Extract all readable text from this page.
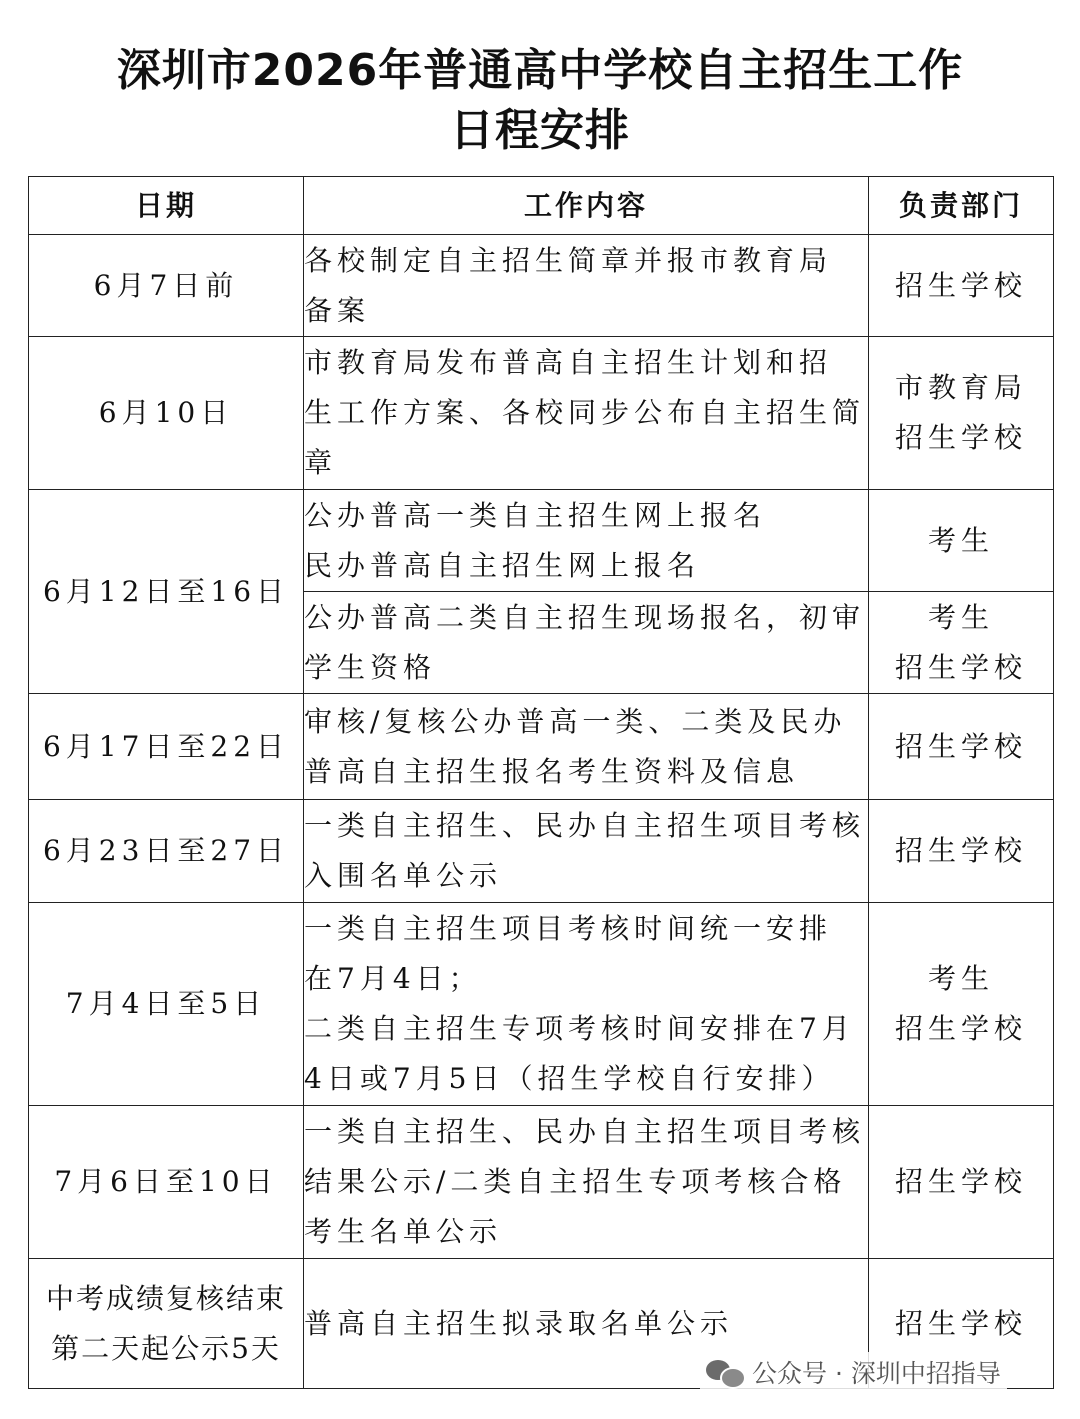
深圳市2026年普通高中学校自主招生工作
日程安排
日期	工作内容	负责部门

6月7日前	各校制定自主招生简章并报市教育局
备案	招生学校

6月10日	市教育局发布普高自主招生计划和招
生工作方案、各校同步公布自主招生简
章	市教育局
招生学校

6月12日至16日	公办普高一类自主招生网上报名
民办普高自主招生网上报名	考生

	公办普高二类自主招生现场报名，初审
学生资格	考生
招生学校

6月17日至22日	审核/复核公办普高一类、二类及民办
普高自主招生报名考生资料及信息	招生学校

6月23日至27日	一类自主招生、民办自主招生项目考核
入围名单公示	招生学校

7月4日至5日	一类自主招生项目考核时间统一安排
在7月4日；
二类自主招生专项考核时间安排在7月
4日或7月5日（招生学校自行安排）	考生
招生学校

7月6日至10日	一类自主招生、民办自主招生项目考核
结果公示/二类自主招生专项考核合格
考生名单公示	招生学校

中考成绩复核结束
第二天起公示5天	普高自主招生拟录取名单公示	招生学校
公众号 · 深圳中招指导
